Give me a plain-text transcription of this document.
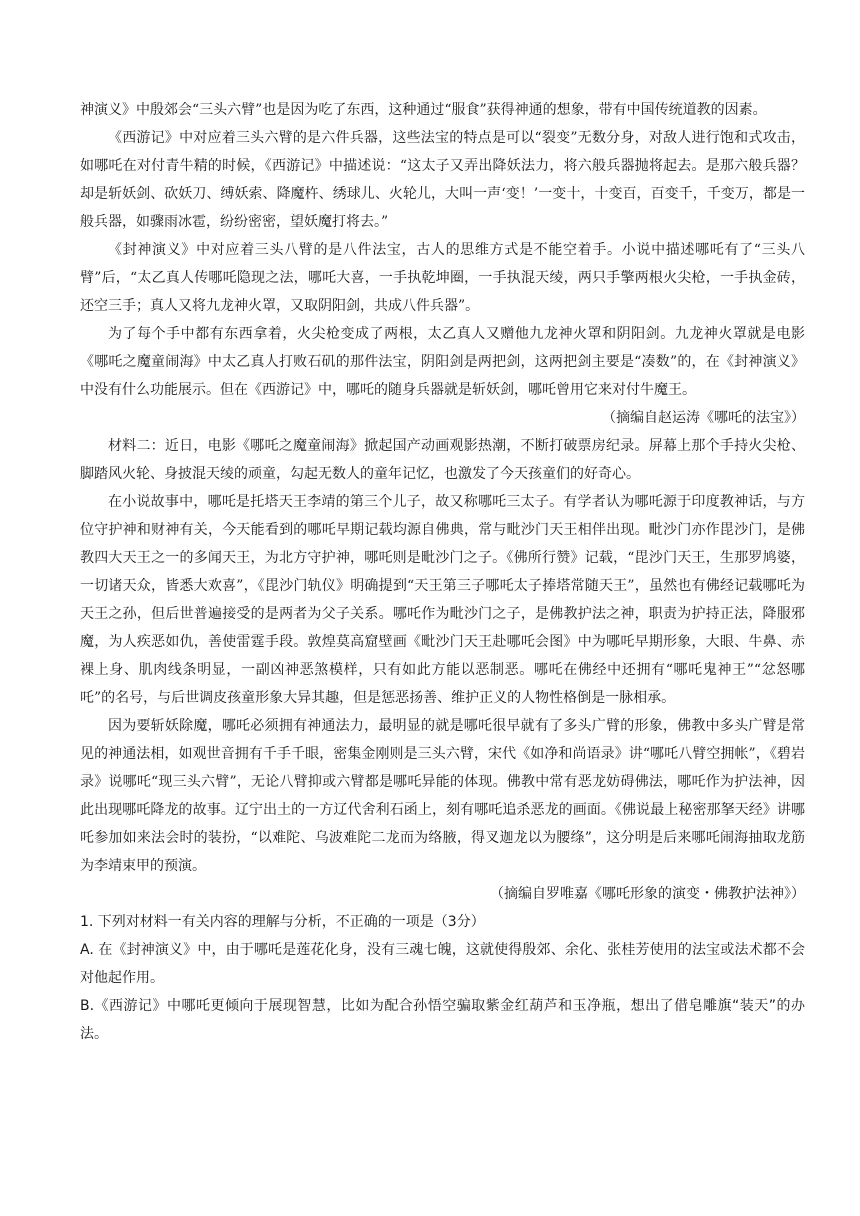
神演义》中殷郊会“三头六臂”也是因为吃了东西，这种通过“服食”获得神通的想象，带有中国传统道教的因素。

《西游记》中对应着三头六臂的是六件兵器，这些法宝的特点是可以“裂变”无数分身，对敌人进行饱和式攻击，如哪吒在对付青牛精的时候，《西游记》中描述说：“这太子又弄出降妖法力，将六般兵器抛将起去。是那六般兵器？却是斩妖剑、砍妖刀、缚妖索、降魔杵、绣球儿、火轮儿，大叫一声‘变！’一变十，十变百，百变千，千变万，都是一般兵器，如骤雨冰雹，纷纷密密，望妖魔打将去。”

《封神演义》中对应着三头八臂的是八件法宝，古人的思维方式是不能空着手。小说中描述哪吒有了“三头八臂”后，“太乙真人传哪吒隐现之法，哪吒大喜，一手执乾坤圈，一手执混天绫，两只手擎两根火尖枪，一手执金砖，还空三手；真人又将九龙神火罩，又取阴阳剑，共成八件兵器”。

为了每个手中都有东西拿着，火尖枪变成了两根，太乙真人又赠他九龙神火罩和阴阳剑。九龙神火罩就是电影《哪吒之魔童闹海》中太乙真人打败石矶的那件法宝，阴阳剑是两把剑，这两把剑主要是“凑数”的，在《封神演义》中没有什么功能展示。但在《西游记》中，哪吒的随身兵器就是斩妖剑，哪吒曾用它来对付牛魔王。

（摘编自赵运涛《哪吒的法宝》）

材料二：近日，电影《哪吒之魔童闹海》掀起国产动画观影热潮，不断打破票房纪录。屏幕上那个手持火尖枪、脚踏风火轮、身披混天绫的顽童，勾起无数人的童年记忆，也激发了今天孩童们的好奇心。

在小说故事中，哪吒是托塔天王李靖的第三个儿子，故又称哪吒三太子。有学者认为哪吒源于印度教神话，与方位守护神和财神有关，今天能看到的哪吒早期记载均源自佛典，常与毗沙门天王相伴出现。毗沙门亦作毘沙门，是佛教四大天王之一的多闻天王，为北方守护神，哪吒则是毗沙门之子。《佛所行赞》记载，“毘沙门天王，生那罗鸠婆，一切诸天众，皆悉大欢喜”，《毘沙门轨仪》明确提到“天王第三子哪吒太子捧塔常随天王”，虽然也有佛经记载哪吒为天王之孙，但后世普遍接受的是两者为父子关系。哪吒作为毗沙门之子，是佛教护法之神，职责为护持正法，降服邪魔，为人疾恶如仇，善使雷霆手段。敦煌莫高窟壁画《毗沙门天王赴哪吒会图》中为哪吒早期形象，大眼、牛鼻、赤裸上身、肌肉线条明显，一副凶神恶煞模样，只有如此方能以恶制恶。哪吒在佛经中还拥有“哪吒鬼神王”“忿怒哪吒”的名号，与后世调皮孩童形象大异其趣，但是惩恶扬善、维护正义的人物性格倒是一脉相承。

因为要斩妖除魔，哪吒必须拥有神通法力，最明显的就是哪吒很早就有了多头广臂的形象，佛教中多头广臂是常见的神通法相，如观世音拥有千手千眼，密集金刚则是三头六臂，宋代《如净和尚语录》讲“哪吒八臂空拥帐”，《碧岩录》说哪吒“现三头六臂”，无论八臂抑或六臂都是哪吒异能的体现。佛教中常有恶龙妨碍佛法，哪吒作为护法神，因此出现哪吒降龙的故事。辽宁出土的一方辽代舍利石函上，刻有哪吒追杀恶龙的画面。《佛说最上秘密那拏天经》讲哪吒参加如来法会时的装扮，“以难陀、乌波难陀二龙而为络腋，得叉迦龙以为腰绦”，这分明是后来哪吒闹海抽取龙筋为李靖束甲的预演。

（摘编自罗唯嘉《哪吒形象的演变・佛教护法神》）

1. 下列对材料一有关内容的理解与分析，不正确的一项是（3分）

A. 在《封神演义》中，由于哪吒是莲花化身，没有三魂七魄，这就使得殷郊、余化、张桂芳使用的法宝或法术都不会对他起作用。

B.《西游记》中哪吒更倾向于展现智慧，比如为配合孙悟空骗取紫金红葫芦和玉净瓶，想出了借皂雕旗“装天”的办法。
